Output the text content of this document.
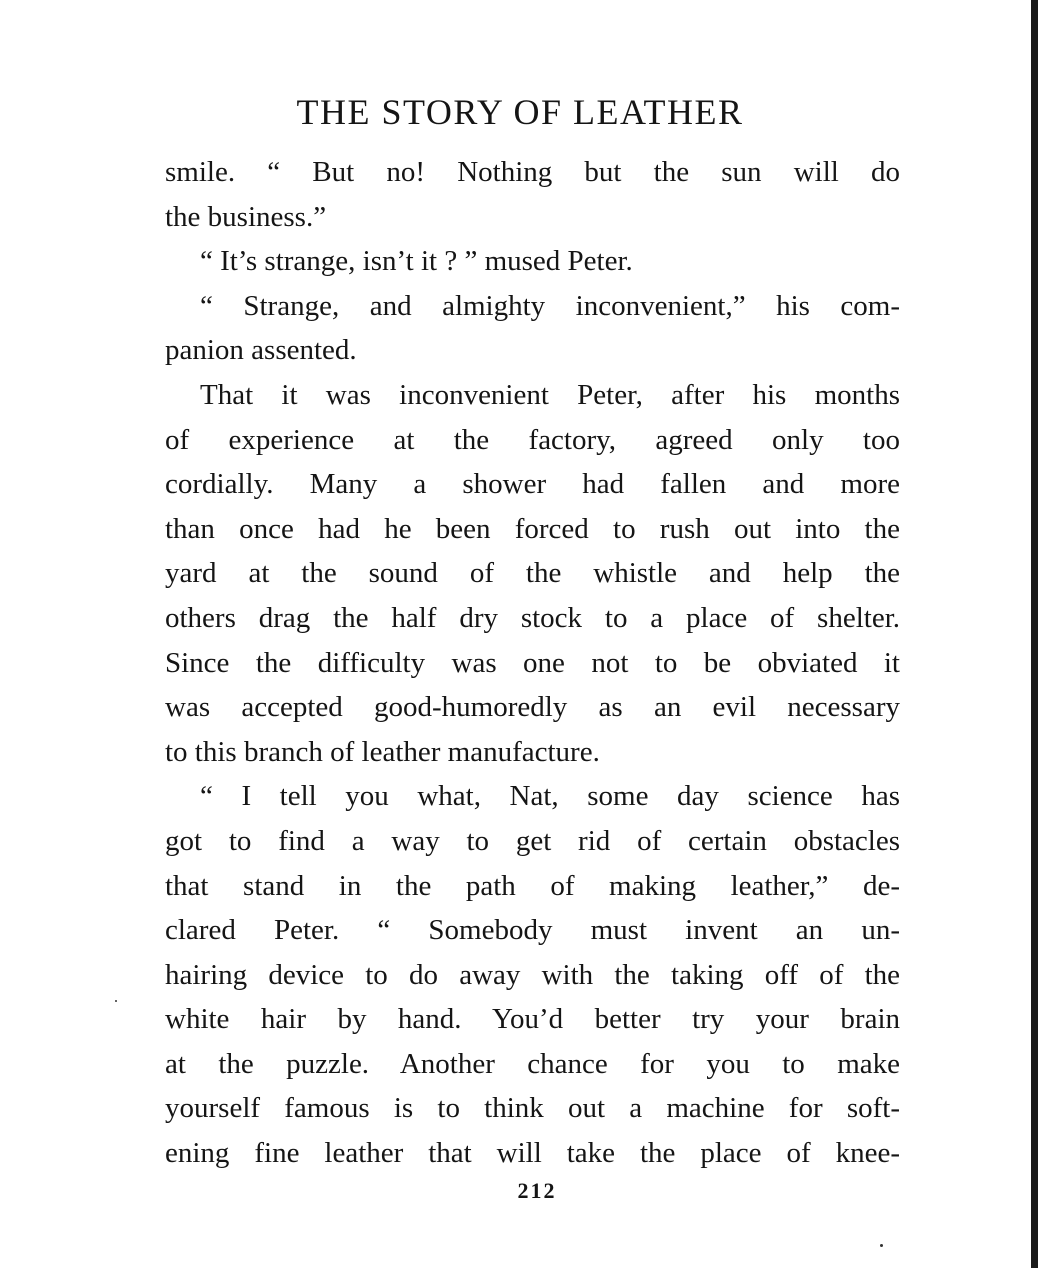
THE STORY OF LEATHER
smile. “ But no! Nothing but the sun will do
the business.”
“ It’s strange, isn’t it ? ” mused Peter.
“ Strange, and almighty inconvenient,” his com-
panion assented.
That it was inconvenient Peter, after his months
of experience at the factory, agreed only too
cordially. Many a shower had fallen and more
than once had he been forced to rush out into the
yard at the sound of the whistle and help the
others drag the half dry stock to a place of shelter.
Since the difficulty was one not to be obviated it
was accepted good-humoredly as an evil necessary
to this branch of leather manufacture.
“ I tell you what, Nat, some day science has
got to find a way to get rid of certain obstacles
that stand in the path of making leather,” de-
clared Peter. “ Somebody must invent an un-
hairing device to do away with the taking off of the
white hair by hand. You’d better try your brain
at the puzzle. Another chance for you to make
yourself famous is to think out a machine for soft-
ening fine leather that will take the place of knee-
212
